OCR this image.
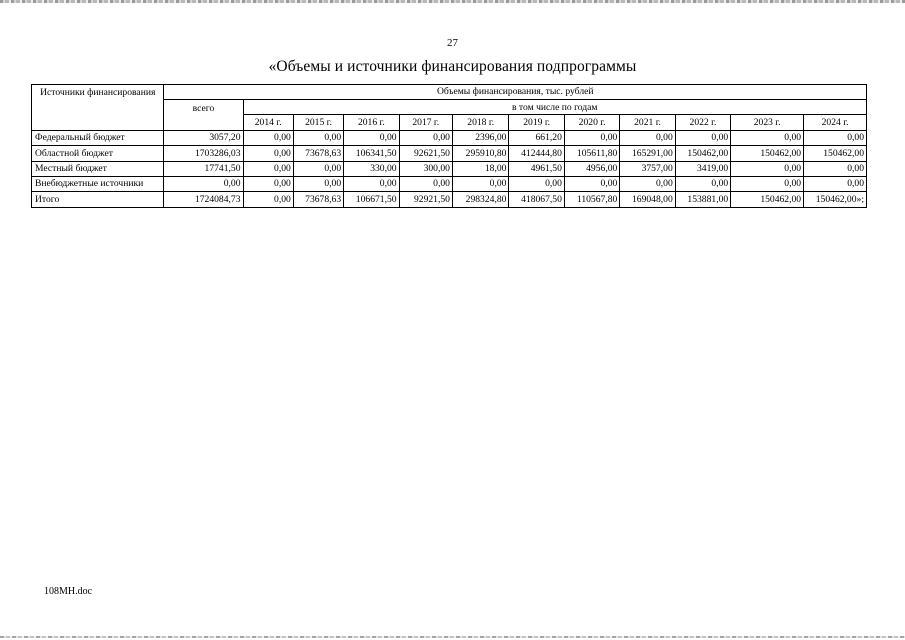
27
«Объемы и источники финансирования подпрограммы
Источники финансирования	Объемы финансирования, тыс. рублей											
	всего	в том числе по годам										
		2014 г.	2015 г.	2016 г.	2017 г.	2018 г.	2019 г.	2020 г.	2021 г.	2022 г.	2023 г.	2024 г.
Федеральный бюджет	3057,20	0,00	0,00	0,00	0,00	2396,00	661,20	0,00	0,00	0,00	0,00	0,00
Областной бюджет	1703286,03	0,00	73678,63	106341,50	92621,50	295910,80	412444,80	105611,80	165291,00	150462,00	150462,00	150462,00
Местный бюджет	17741,50	0,00	0,00	330,00	300,00	18,00	4961,50	4956,00	3757,00	3419,00	0,00	0,00
Внебюджетные источники	0,00	0,00	0,00	0,00	0,00	0,00	0,00	0,00	0,00	0,00	0,00	0,00
Итого	1724084,73	0,00	73678,63	106671,50	92921,50	298324,80	418067,50	110567,80	169048,00	153881,00	150462,00	150462,00»;
108МН.doc
